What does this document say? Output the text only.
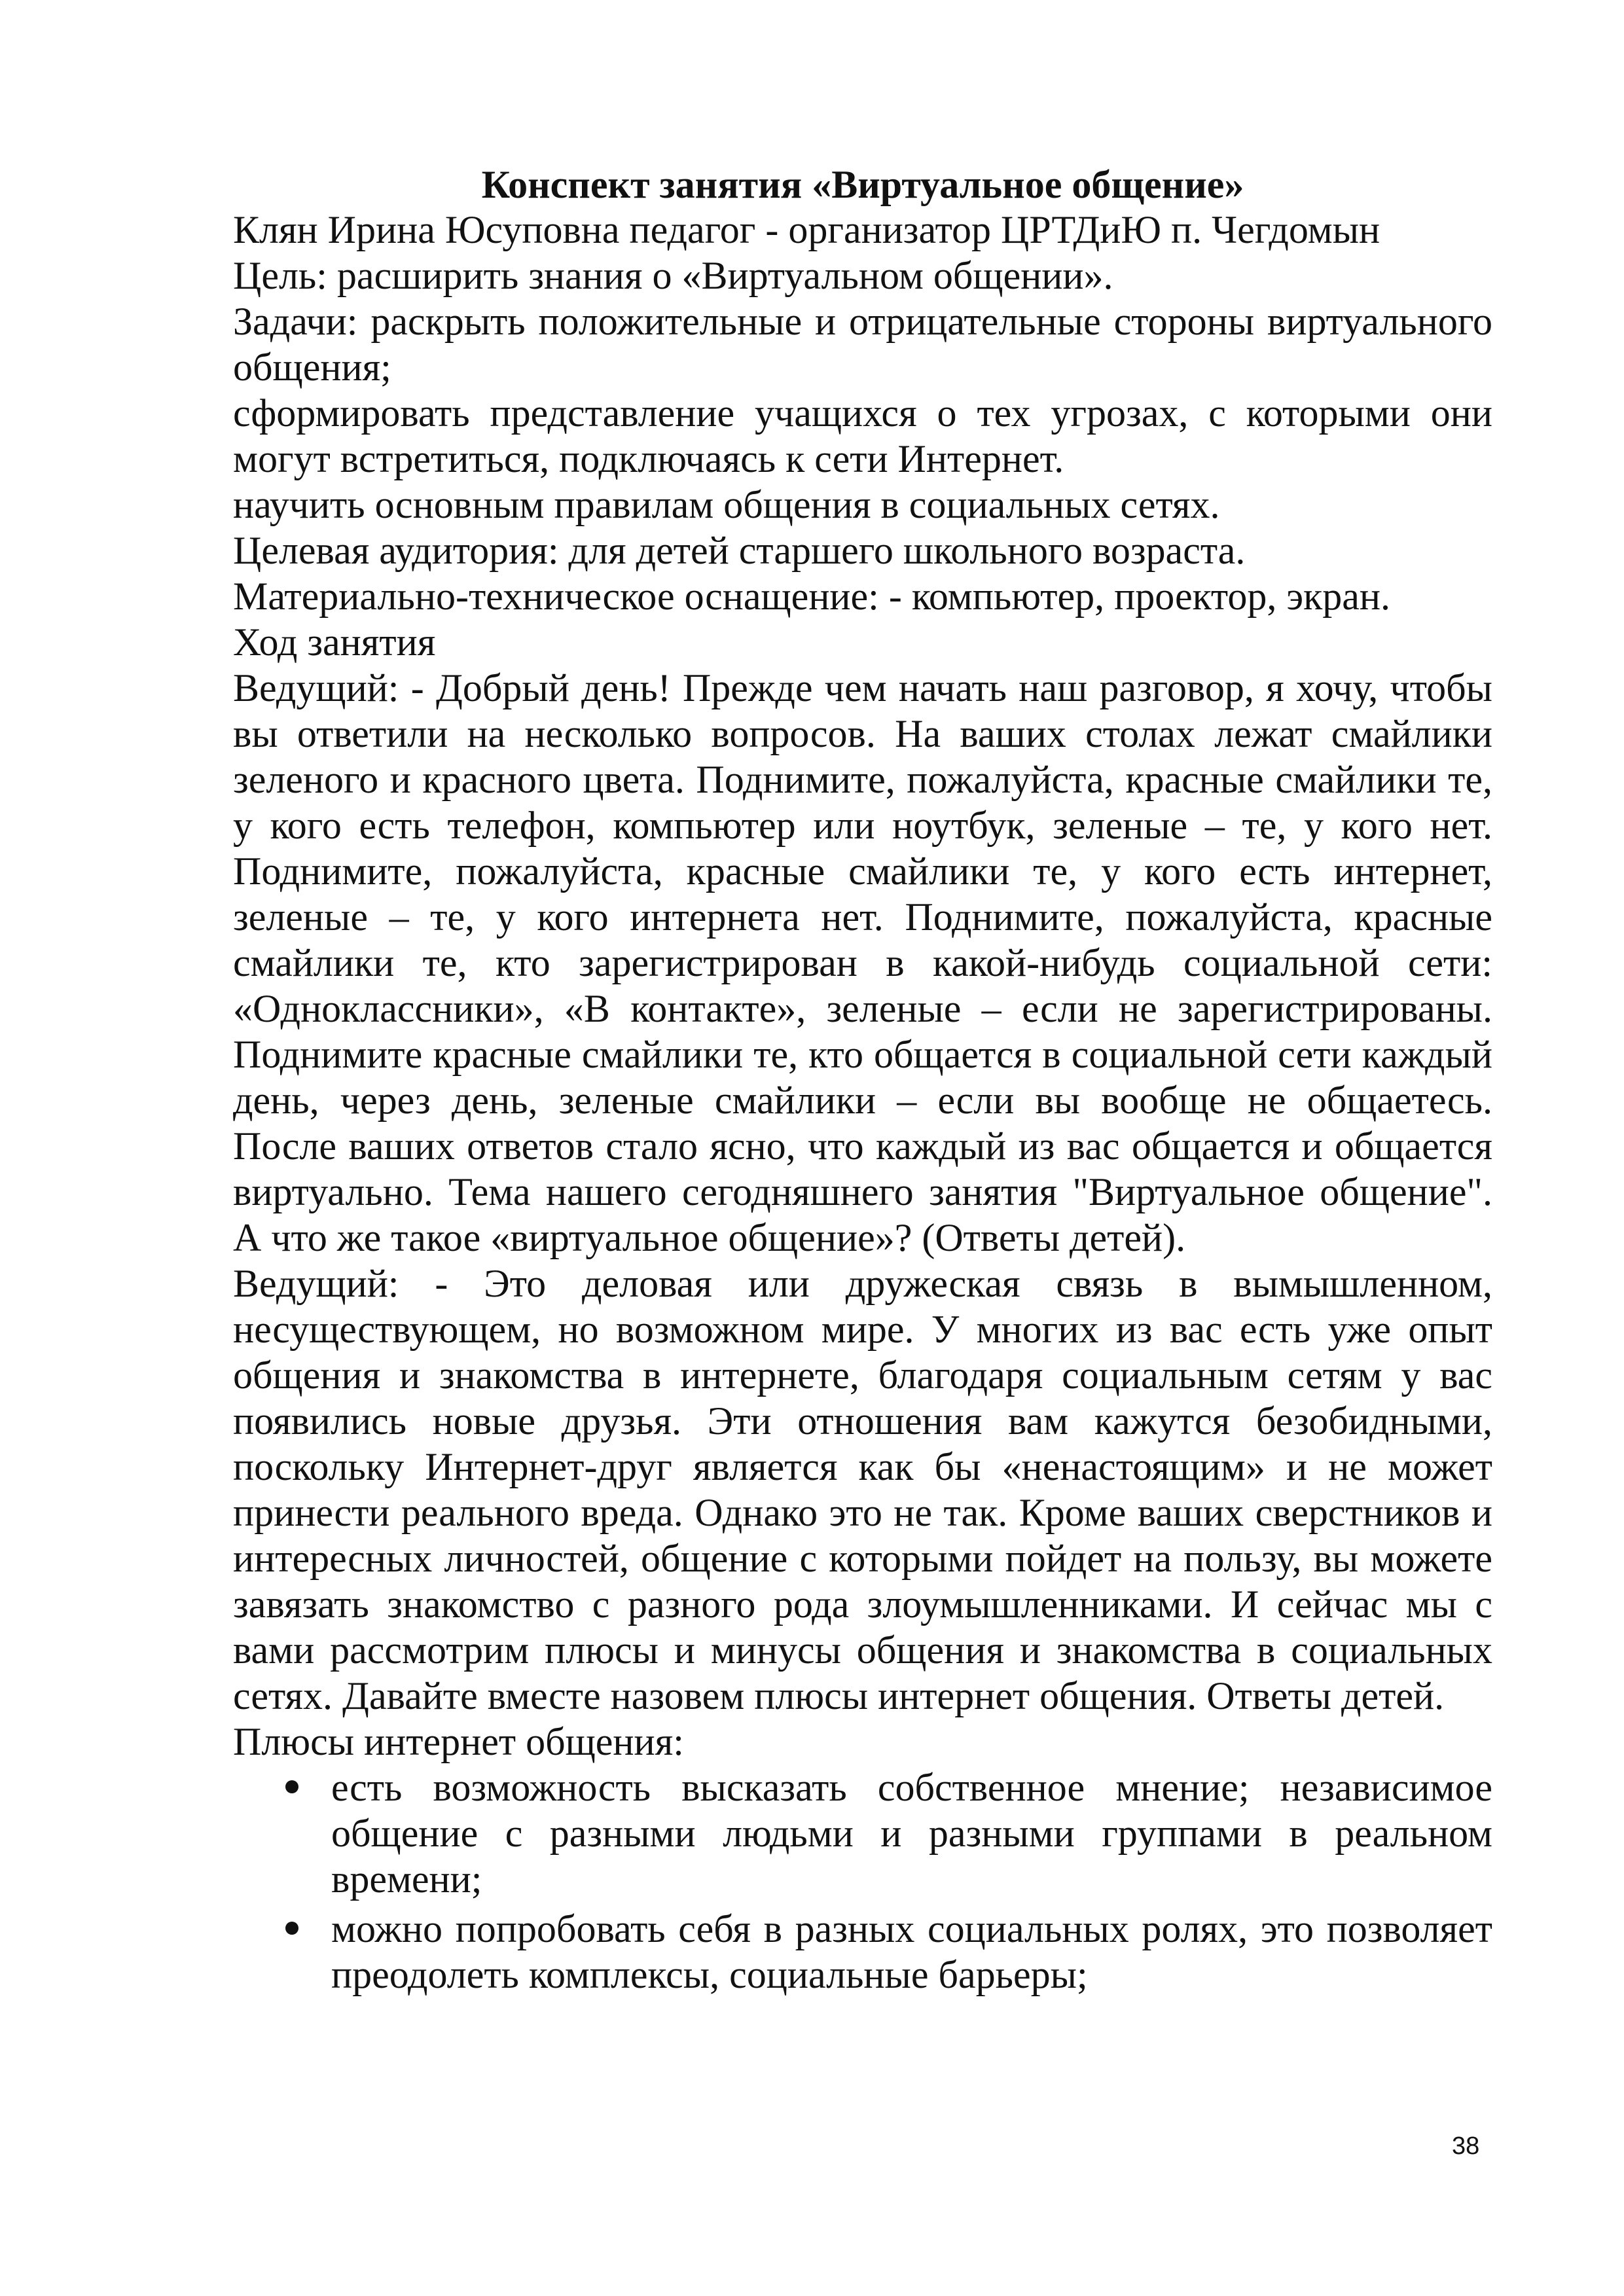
Конспект занятия «Виртуальное общение»

Клян Ирина Юсуповна педагог - организатор ЦРТДиЮ п. Чегдомын

Цель: расширить знания о «Виртуальном общении».

Задачи: раскрыть положительные и отрицательные стороны виртуального общения;

сформировать представление учащихся о тех угрозах, с которыми они могут встретиться, подключаясь к сети Интернет.

научить основным правилам общения в социальных сетях.

Целевая аудитория: для детей старшего школьного возраста.

Материально-техническое оснащение: - компьютер, проектор, экран.

Ход занятия

Ведущий: - Добрый день! Прежде чем начать наш разговор, я хочу, чтобы вы ответили на несколько вопросов. На ваших столах лежат смайлики зеленого и красного цвета. Поднимите, пожалуйста, красные смайлики те, у кого есть телефон, компьютер или ноутбук, зеленые – те, у кого нет. Поднимите, пожалуйста, красные смайлики те, у кого есть интернет, зеленые – те, у кого интернета нет. Поднимите, пожалуйста, красные смайлики те, кто зарегистрирован в какой-нибудь социальной сети: «Одноклассники», «В контакте», зеленые – если не зарегистрированы. Поднимите красные смайлики те, кто общается в социальной сети каждый день, через день, зеленые смайлики – если вы вообще не общаетесь. После ваших ответов стало ясно, что каждый из вас общается и общается виртуально. Тема нашего сегодняшнего занятия "Виртуальное общение". А что же такое «виртуальное общение»? (Ответы детей).

Ведущий: - Это деловая или дружеская связь в вымышленном, несуществующем, но возможном мире. У многих из вас есть уже опыт общения и знакомства в интернете, благодаря социальным сетям у вас появились новые друзья. Эти отношения вам кажутся безобидными, поскольку Интернет-друг является как бы «ненастоящим» и не может принести реального вреда. Однако это не так. Кроме ваших сверстников и интересных личностей, общение с которыми пойдет на пользу, вы можете завязать знакомство с разного рода злоумышленниками. И сейчас мы с вами рассмотрим плюсы и минусы общения и знакомства в социальных сетях. Давайте вместе назовем плюсы интернет общения. Ответы детей.

Плюсы интернет общения:

есть возможность высказать собственное мнение; независимое общение с разными людьми и разными группами в реальном времени;
можно попробовать себя в разных социальных ролях, это позволяет преодолеть комплексы, социальные барьеры;
38
